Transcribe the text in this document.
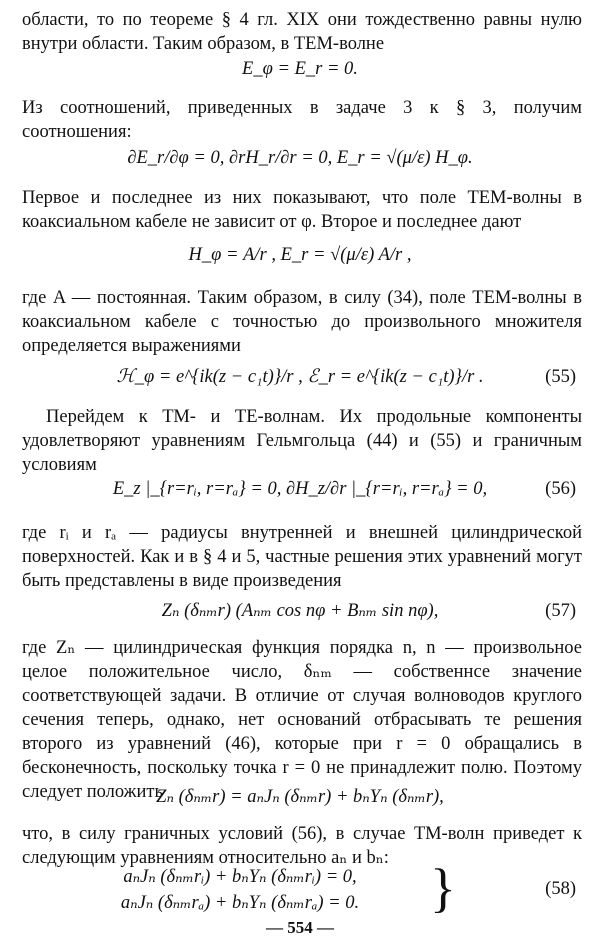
области, то по теореме § 4 гл. XIX они тождественно равны нулю внутри области. Таким образом, в ТЕМ-волне

E_φ = E_r = 0.

Из соотношений, приведенных в задаче 3 к § 3, получим соотношения:

∂E_r/∂φ = 0, ∂rH_r/∂r = 0, E_r = √(μ/ε) H_φ.

Первое и последнее из них показывают, что поле ТЕМ-волны в коаксиальном кабеле не зависит от φ. Второе и последнее дают

H_φ = A/r , E_r = √(μ/ε) A/r ,

где A — постоянная. Таким образом, в силу (34), поле ТЕМ-волны в коаксиальном кабеле с точностью до произвольного множителя определяется выражениями

ℋ_φ = e^{ik(z − c₁t)}/r , ℰ_r = e^{ik(z − c₁t)}/r .	(55)

Перейдем к ТМ- и ТЕ-волнам. Их продольные компоненты удовлетворяют уравнениям Гельмгольца (44) и (55) и граничным условиям

E_z |_{r=rᵢ, r=rₐ} = 0, ∂H_z/∂r |_{r=rᵢ, r=rₐ} = 0,	(56)

где rᵢ и rₐ — радиусы внутренней и внешней цилиндрической поверхностей. Как и в § 4 и 5, частные решения этих уравнений могут быть представлены в виде произведения

Zₙ (δₙₘr) (Aₙₘ cos nφ + Bₙₘ sin nφ),	(57)

где Zₙ — цилиндрическая функция порядка n, n — произвольное целое положительное число, δₙₘ — собственнсе значение соответствующей задачи. В отличие от случая волноводов круглого сечения теперь, однако, нет оснований отбрасывать те решения второго из уравнений (46), которые при r = 0 обращались в бесконечность, поскольку точка r = 0 не принадлежит полю. Поэтому следует положить

Zₙ (δₙₘr) = aₙJₙ (δₙₘr) + bₙYₙ (δₙₘr),

что, в силу граничных условий (56), в случае ТМ-волн приведет к следующим уравнениям относительно aₙ и bₙ:

aₙJₙ (δₙₘrᵢ) + bₙYₙ (δₙₘrᵢ) = 0,
aₙJₙ (δₙₘrₐ) + bₙYₙ (δₙₘrₐ) = 0.	}	(58)
— 554 —
